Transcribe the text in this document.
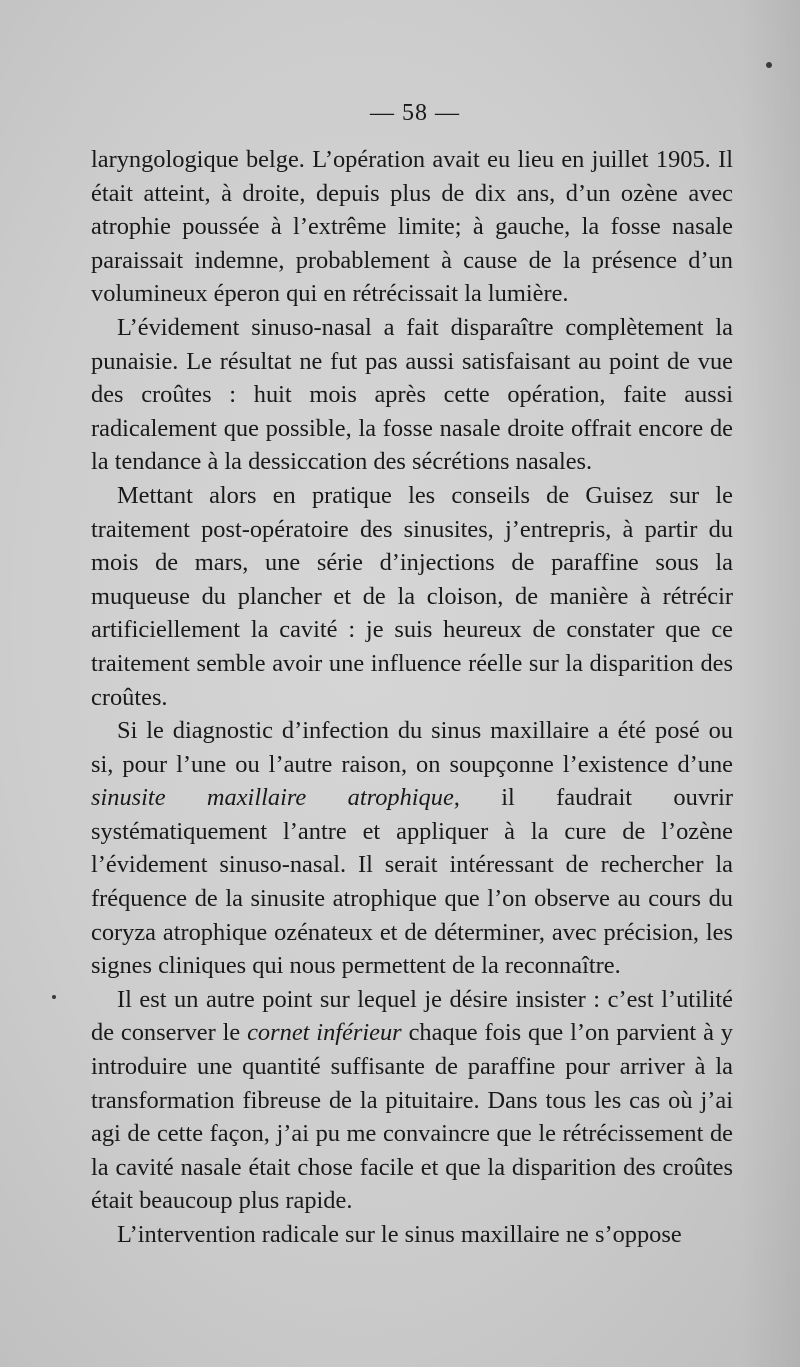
— 58 —

laryngologique belge. L’opération avait eu lieu en juillet 1905. Il était atteint, à droite, depuis plus de dix ans, d’un ozène avec atrophie poussée à l’extrême limite; à gauche, la fosse nasale paraissait indemne, probablement à cause de la présence d’un volumineux éperon qui en rétrécissait la lumière.

L’évidement sinuso-nasal a fait disparaître complètement la punaisie. Le résultat ne fut pas aussi satisfaisant au point de vue des croûtes : huit mois après cette opération, faite aussi radicalement que possible, la fosse nasale droite offrait encore de la tendance à la dessiccation des sécrétions nasales.

Mettant alors en pratique les conseils de Guisez sur le traitement post-opératoire des sinusites, j’entrepris, à partir du mois de mars, une série d’injections de paraffine sous la muqueuse du plancher et de la cloison, de manière à rétrécir artificiellement la cavité : je suis heureux de constater que ce traitement semble avoir une influence réelle sur la disparition des croûtes.

Si le diagnostic d’infection du sinus maxillaire a été posé ou si, pour l’une ou l’autre raison, on soupçonne l’existence d’une sinusite maxillaire atrophique, il faudrait ouvrir systématiquement l’antre et appliquer à la cure de l’ozène l’évidement sinuso-nasal. Il serait intéressant de rechercher la fréquence de la sinusite atrophique que l’on observe au cours du coryza atrophique ozénateux et de déterminer, avec précision, les signes cliniques qui nous permettent de la reconnaître.

Il est un autre point sur lequel je désire insister : c’est l’utilité de conserver le cornet inférieur chaque fois que l’on parvient à y introduire une quantité suffisante de paraffine pour arriver à la transformation fibreuse de la pituitaire. Dans tous les cas où j’ai agi de cette façon, j’ai pu me convaincre que le rétrécissement de la cavité nasale était chose facile et que la disparition des croûtes était beaucoup plus rapide.

L’intervention radicale sur le sinus maxillaire ne s’oppose
